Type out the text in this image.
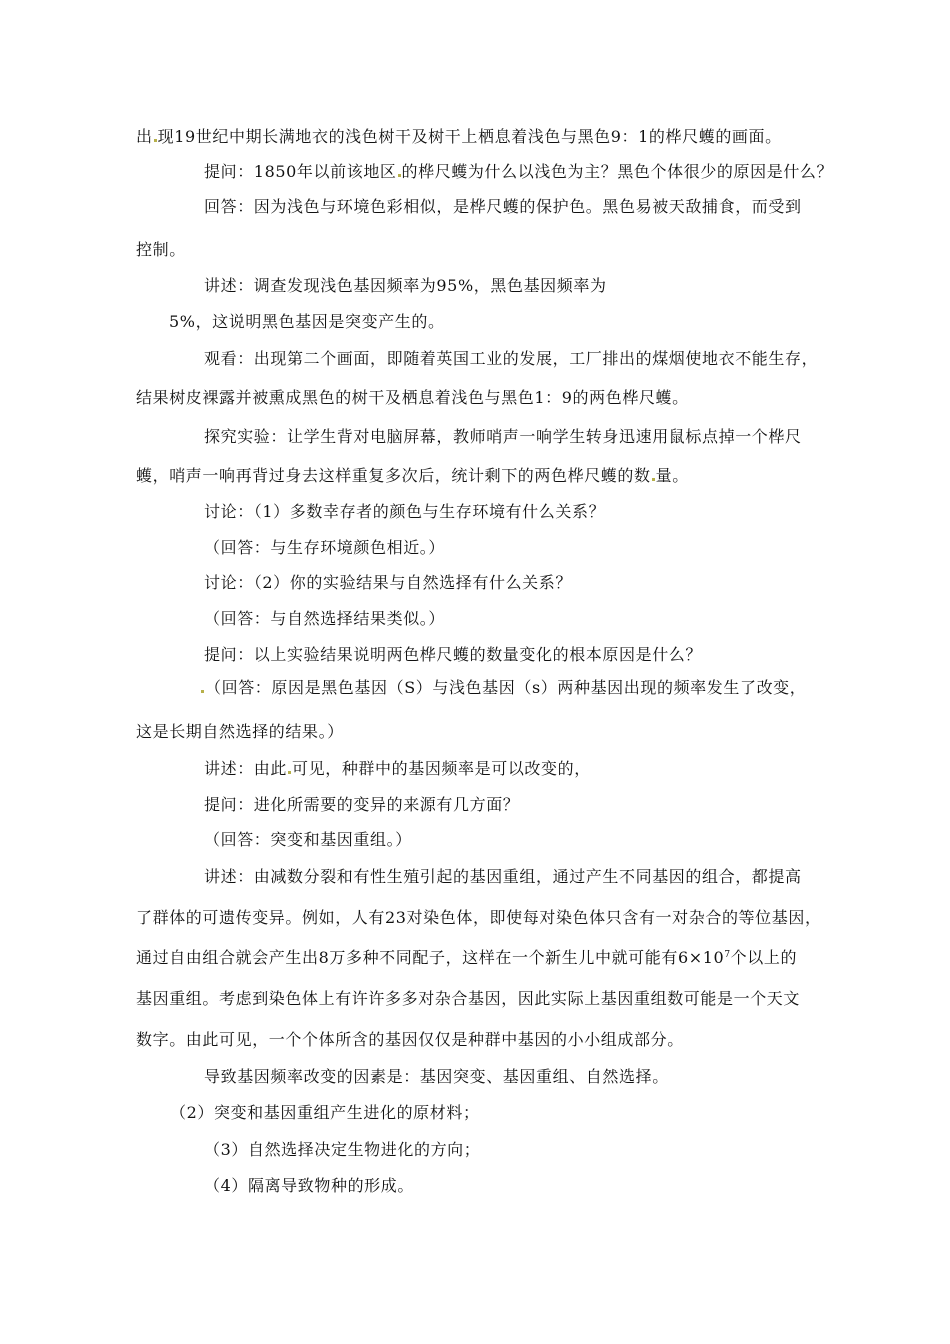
出 现19世纪中期长满地衣的浅色树干及树干上栖息着浅色与黑色9：1的桦尺蠖的画面。
提问：1850年以前该地区 的桦尺蠖为什么以浅色为主？黑色个体很少的原因是什么？
回答：因为浅色与环境色彩相似，是桦尺蠖的保护色。黑色易被天敌捕食，而受到
控制。
讲述：调查发现浅色基因频率为95%，黑色基因频率为
5%，这说明黑色基因是突变产生的。
观看：出现第二个画面，即随着英国工业的发展，工厂排出的煤烟使地衣不能生存，
结果树皮裸露并被熏成黑色的树干及栖息着浅色与黑色1：9的两色桦尺蠖。
探究实验：让学生背对电脑屏幕，教师哨声一响学生转身迅速用鼠标点掉一个桦尺
蠖，哨声一响再背过身去这样重复多次后，统计剩下的两色桦尺蠖的数 量。
讨论：（1）多数幸存者的颜色与生存环境有什么关系？
（回答：与生存环境颜色相近。）
讨论：（2）你的实验结果与自然选择有什么关系？
（回答：与自然选择结果类似。）
提问：以上实验结果说明两色桦尺蠖的数量变化的根本原因是什么？
（回答：原因是黑色基因（S）与浅色基因（s）两种基因出现的频率发生了改变，
这是长期自然选择的结果。）
讲述：由此 可见，种群中的基因频率是可以改变的，
提问：进化所需要的变异的来源有几方面？
（回答：突变和基因重组。）
讲述：由减数分裂和有性生殖引起的基因重组，通过产生不同基因的组合，都提高
了群体的可遗传变异。例如，人有23对染色体，即使每对染色体只含有一对杂合的等位基因，
通过自由组合就会产生出8万多种不同配子，这样在一个新生儿中就可能有$6\times 10^7$个以上的
基因重组。考虑到染色体上有许许多多对杂合基因，因此实际上基因重组数可能是一个天文
数字。由此可见，一个个体所含的基因仅仅是种群中基因的小小组成部分。
导致基因频率改变的因素是：基因突变、基因重组、自然选择。
（2）突变和基因重组产生进化的原材料；
（3）自然选择决定生物进化的方向；
（4）隔离导致物种的形成。
